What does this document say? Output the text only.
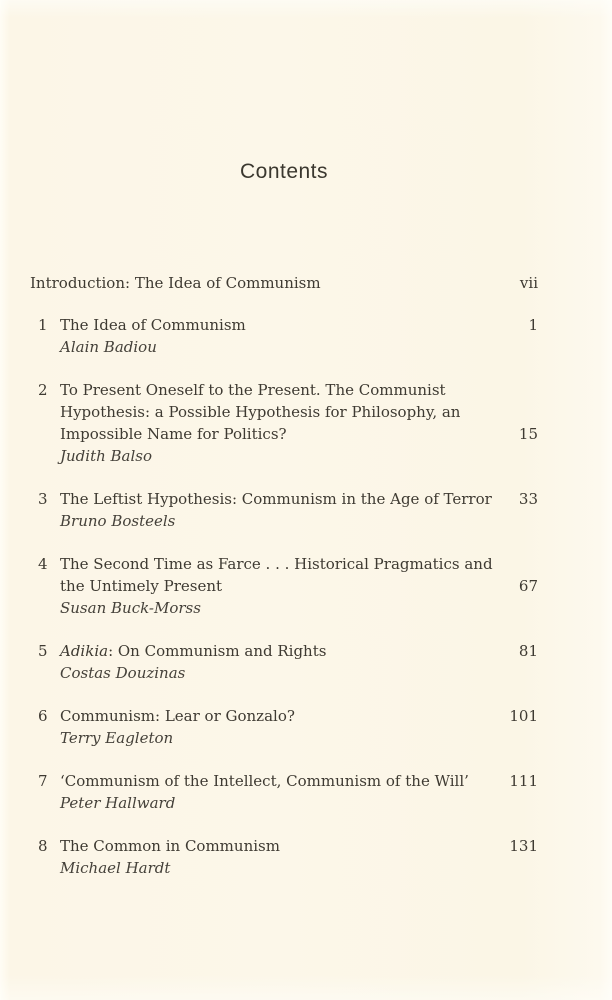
Contents
Introduction: The Idea of Communism	vii
1 The Idea of Communism	1
Alain Badiou
2 To Present Oneself to the Present. The Communist
Hypothesis: a Possible Hypothesis for Philosophy, an
Impossible Name for Politics?	15
Judith Balso
3 The Leftist Hypothesis: Communism in the Age of Terror	33
Bruno Bosteels
4 The Second Time as Farce . . . Historical Pragmatics and
the Untimely Present	67
Susan Buck-Morss
5 Adikia: On Communism and Rights	81
Costas Douzinas
6 Communism: Lear or Gonzalo?	101
Terry Eagleton
7 ‘Communism of the Intellect, Communism of the Will’	111
Peter Hallward
8 The Common in Communism	131
Michael Hardt
